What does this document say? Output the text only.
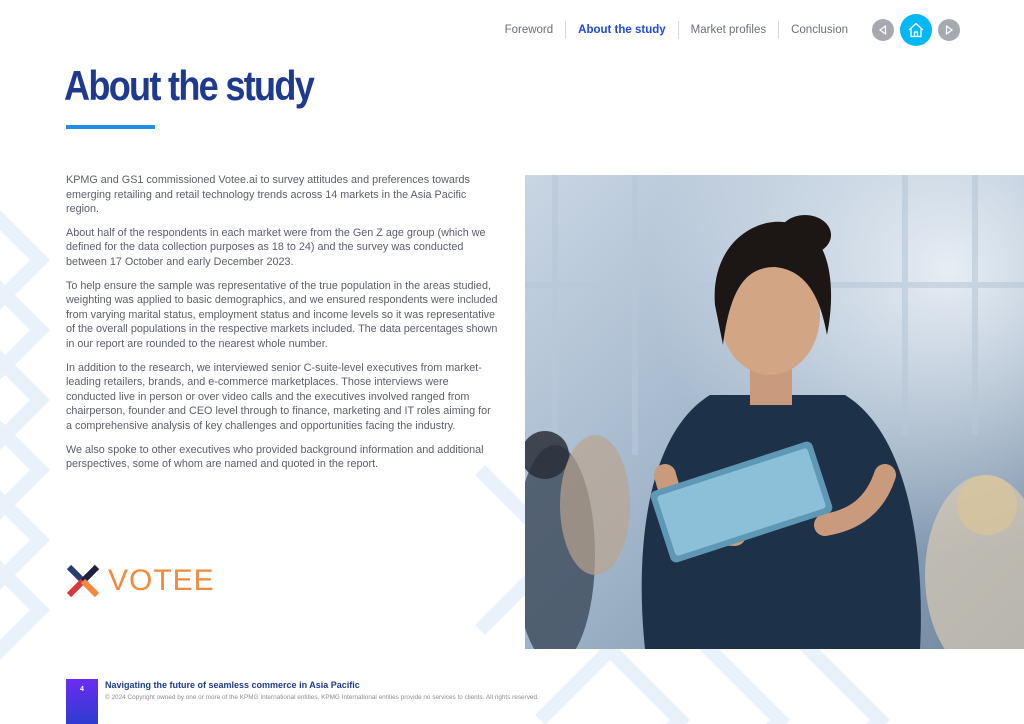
Foreword	About the study	Market profiles	Conclusion
About the study

KPMG and GS1 commissioned Votee.ai to survey attitudes and preferences towards emerging retailing and retail technology trends across 14 markets in the Asia Pacific region.

About half of the respondents in each market were from the Gen Z age group (which we defined for the data collection purposes as 18 to 24) and the survey was conducted between 17 October and early December 2023.

To help ensure the sample was representative of the true population in the areas studied, weighting was applied to basic demographics, and we ensured respondents were included from varying marital status, employment status and income levels so it was representative of the overall populations in the respective markets included. The data percentages shown in our report are rounded to the nearest whole number.

In addition to the research, we interviewed senior C-suite-level executives from market-leading retailers, brands, and e-commerce marketplaces. Those interviews were conducted live in person or over video calls and the executives involved ranged from chairperson, founder and CEO level through to finance, marketing and IT roles aiming for a comprehensive analysis of key challenges and opportunities facing the industry.

We also spoke to other executives who provided background information and additional perspectives, some of whom are named and quoted in the report.

VOTEE
4	Navigating the future of seamless commerce in Asia Pacific
© 2024 Copyright owned by one or more of the KPMG International entities. KPMG International entities provide no services to clients. All rights reserved.
